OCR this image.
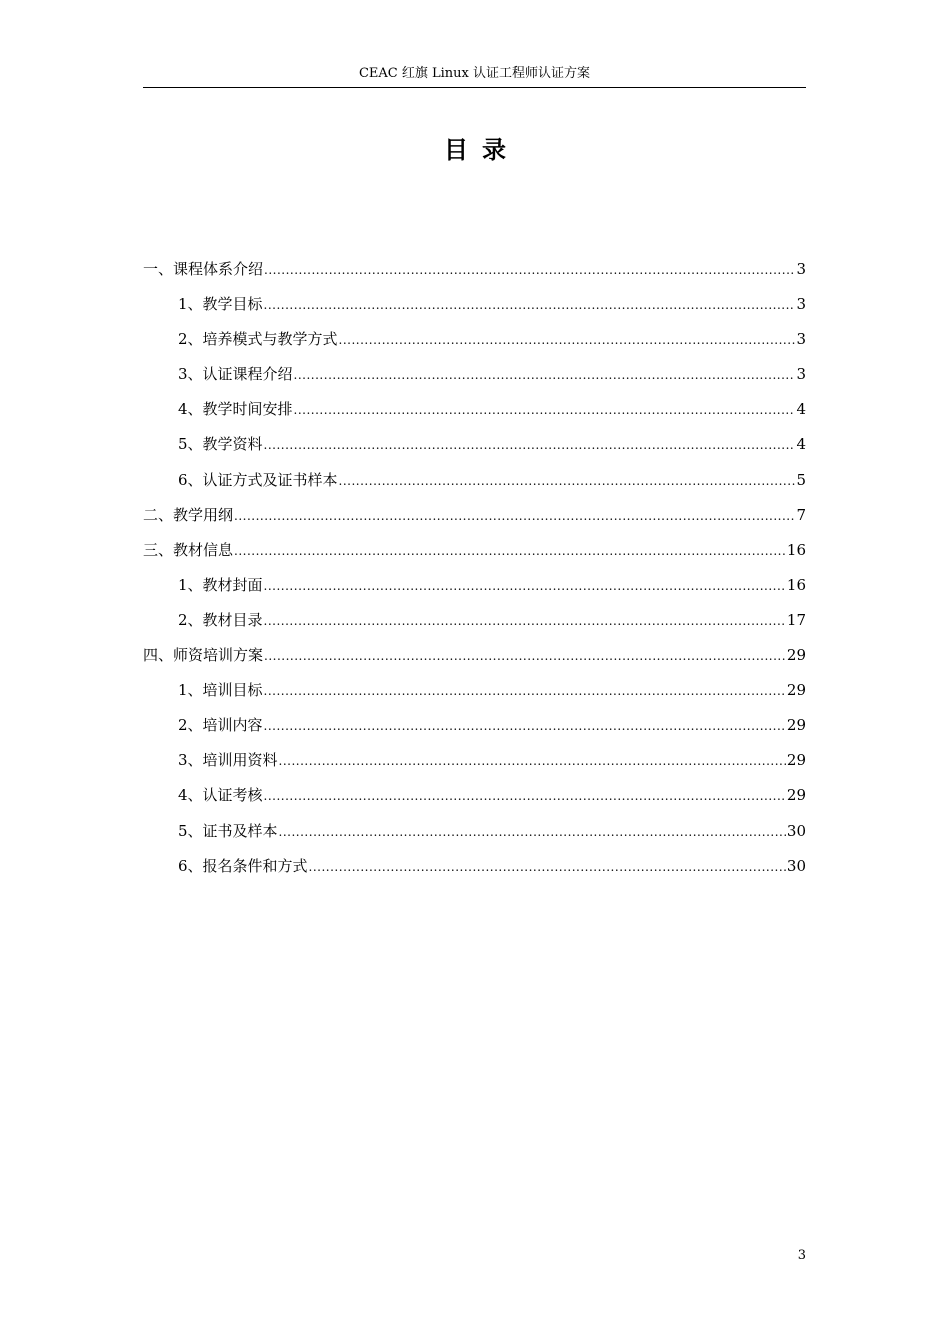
CEAC 红旗 Linux 认证工程师认证方案
目录
一、课程体系介绍 .....	3
1、教学目标 .....	3
2、培养模式与教学方式 .....	3
3、认证课程介绍 .....	3
4、教学时间安排 .....	4
5、教学资料 .....	4
6、认证方式及证书样本 .....	5
二、教学用纲 .....	7
三、教材信息 .....	16
1、教材封面 .....	16
2、教材目录 .....	17
四、师资培训方案 .....	29
1、培训目标 .....	29
2、培训内容 .....	29
3、培训用资料 .....	29
4、认证考核 .....	29
5、证书及样本 .....	30
6、报名条件和方式 .....	30
3
